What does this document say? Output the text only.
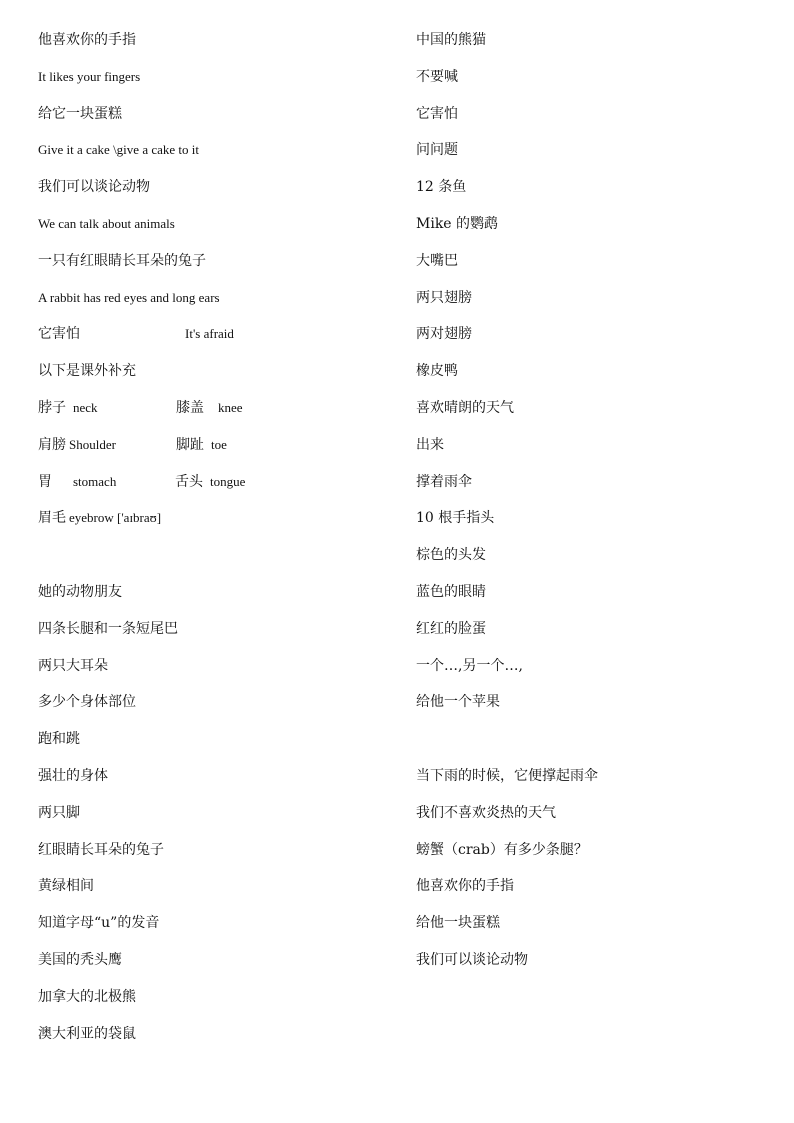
他喜欢你的手指
It likes your fingers
给它一块蛋糕
Give it a cake \give a cake to it
我们可以谈论动物
We can talk about animals
一只有红眼睛长耳朵的兔子
A rabbit has red eyes and long ears
它害怕	It's afraid
以下是课外补充
脖子 neck	膝盖 knee
肩膀 Shoulder	脚趾 toe
胃 stomach	舌头 tongue
眉毛 eyebrow ['aɪbraʊ]
她的动物朋友
四条长腿和一条短尾巴
两只大耳朵
多少个身体部位
跑和跳
强壮的身体
两只脚
红眼睛长耳朵的兔子
黄绿相间
知道字母“u”的发音
美国的秃头鹰
加拿大的北极熊
澳大利亚的袋鼠
中国的熊猫
不要喊
它害怕
问问题
12 条鱼
Mike 的鹦鹉
大嘴巴
两只翅膀
两对翅膀
橡皮鸭
喜欢晴朗的天气
出来
撑着雨伞
10 根手指头
棕色的头发
蓝色的眼睛
红红的脸蛋
一个…,另一个…,
给他一个苹果
当下雨的时候，它便撑起雨伞
我们不喜欢炎热的天气
螃蟹（crab）有多少条腿？
他喜欢你的手指
给他一块蛋糕
我们可以谈论动物
